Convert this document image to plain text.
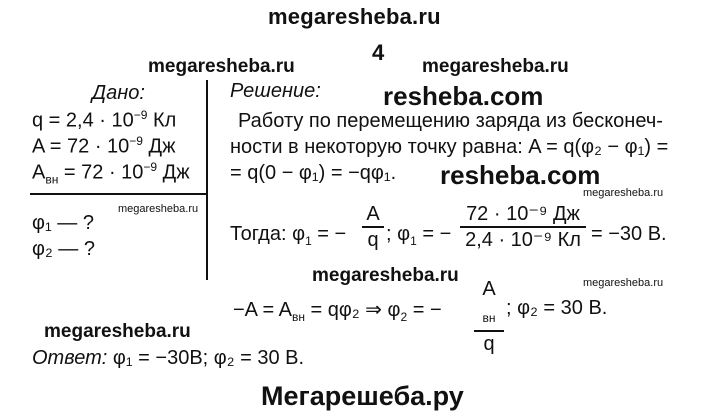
megaresheba.ru
4
megaresheba.ru	megaresheba.ru
Дано:
$q = 2,4 \cdot 10^{-9}$ Кл
$A = 72 \cdot 10^{-9}$ Дж
$A_{вн} = 72 \cdot 10^{-9}$ Дж
megaresheba.ru
φ₁ — ?
φ₂ — ?
Решение: resheba.com
Работу по перемещению заряда из бесконеч-
ности в некоторую точку равна: A = q(φ₂ − φ₁) =
= q(0 − φ₁) = −qφ₁. resheba.com
megaresheba.ru
Тогда: $\varphi_1$ = −
A
q ; $\varphi_1$ = −
72 · 10⁻⁹ Дж
2,4 · 10⁻⁹ Кл = −30 В.
megaresheba.ru	megaresheba.ru
$-A = A_{вн} = q\varphi_2$ ⇒ $\varphi_2$ = −
A
$_{вн}$
q
; φ₂ = 30 В.
megaresheba.ru
Ответ: φ₁ = −30В; φ₂ = 30 В.
Мегарешеба.ру
